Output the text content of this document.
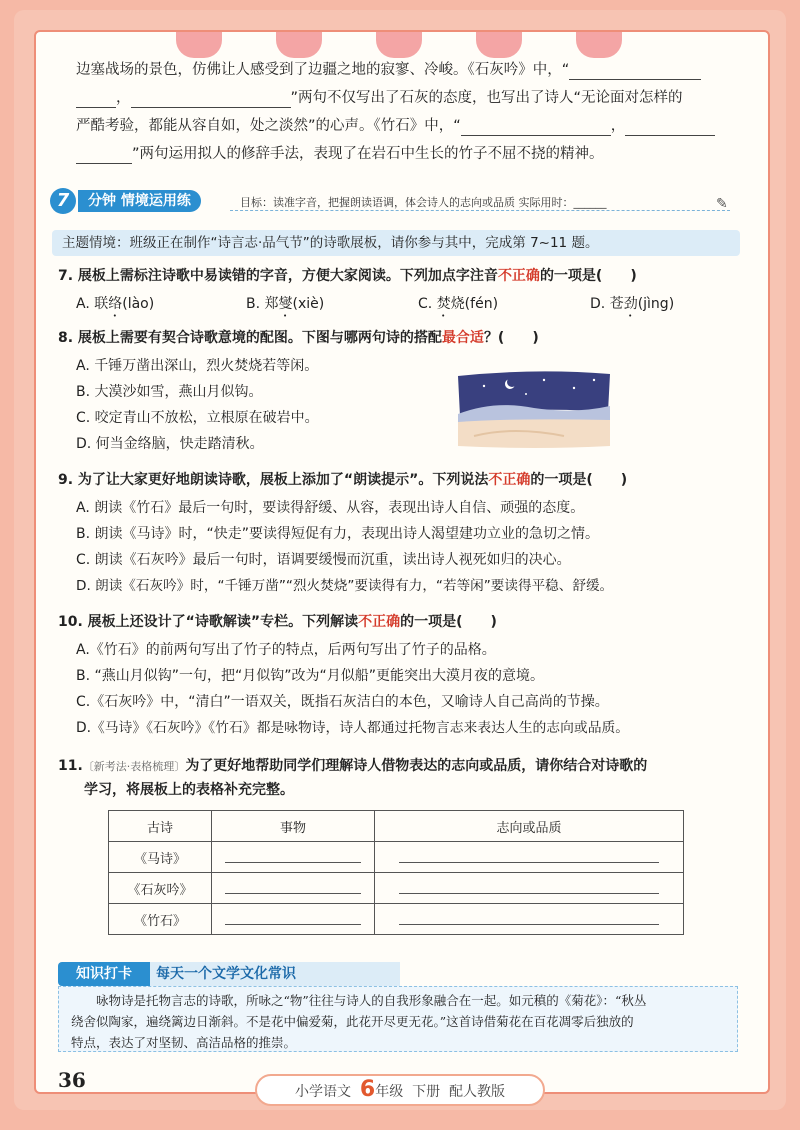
边塞战场的景色，仿佛让人感受到了边疆之地的寂寥、冷峻。《石灰吟》中，“
，	”两句不仅写出了石灰的态度，也写出了诗人“无论面对怎样的
严酷考验，都能从容自如，处之淡然”的心声。《竹石》中，“	，
”两句运用拟人的修辞手法，表现了在岩石中生长的竹子不屈不挠的精神。
7	分钟 情境运用练	目标：读准字音，把握朗读语调，体会诗人的志向或品质 实际用时：______	✎
主题情境：班级正在制作“诗言志·品气节”的诗歌展板，请你参与其中，完成第 7~11 题。
7. 展板上需标注诗歌中易读错的字音，方便大家阅读。下列加点字注音不正确的一项是(　　)
A. 联络(lào)	B. 郑燮(xiè)	C. 焚烧(fén)	D. 苍劲(jìng)
8. 展板上需要有契合诗歌意境的配图。下图与哪两句诗的搭配最合适？(　　)
A. 千锤万凿出深山，烈火焚烧若等闲。
B. 大漠沙如雪，燕山月似钩。
C. 咬定青山不放松，立根原在破岩中。
D. 何当金络脑，快走踏清秋。
9. 为了让大家更好地朗读诗歌，展板上添加了“朗读提示”。下列说法不正确的一项是(　　)
A. 朗读《竹石》最后一句时，要读得舒缓、从容，表现出诗人自信、顽强的态度。
B. 朗读《马诗》时，“快走”要读得短促有力，表现出诗人渴望建功立业的急切之情。
C. 朗读《石灰吟》最后一句时，语调要缓慢而沉重，读出诗人视死如归的决心。
D. 朗读《石灰吟》时，“千锤万凿”“烈火焚烧”要读得有力，“若等闲”要读得平稳、舒缓。
10. 展板上还设计了“诗歌解读”专栏。下列解读不正确的一项是(　　)
A.《竹石》的前两句写出了竹子的特点，后两句写出了竹子的品格。
B. “燕山月似钩”一句，把“月似钩”改为“月似船”更能突出大漠月夜的意境。
C.《石灰吟》中，“清白”一语双关，既指石灰洁白的本色，又喻诗人自己高尚的节操。
D.《马诗》《石灰吟》《竹石》都是咏物诗，诗人都通过托物言志来表达人生的志向或品质。
11.〔新考法·表格梳理〕为了更好地帮助同学们理解诗人借物表达的志向或品质，请你结合对诗歌的
学习，将展板上的表格补充完整。
古诗	事物	志向或品质
《马诗》		
《石灰吟》		
《竹石》		
知识打卡	每天一个文学文化常识
咏物诗是托物言志的诗歌，所咏之“物”往往与诗人的自我形象融合在一起。如元稹的《菊花》：“秋丛
绕舍似陶家，遍绕篱边日渐斜。不是花中偏爱菊，此花开尽更无花。”这首诗借菊花在百花凋零后独放的
特点，表达了对坚韧、高洁品格的推崇。
36	小学语文 6年级 下册 配人教版
